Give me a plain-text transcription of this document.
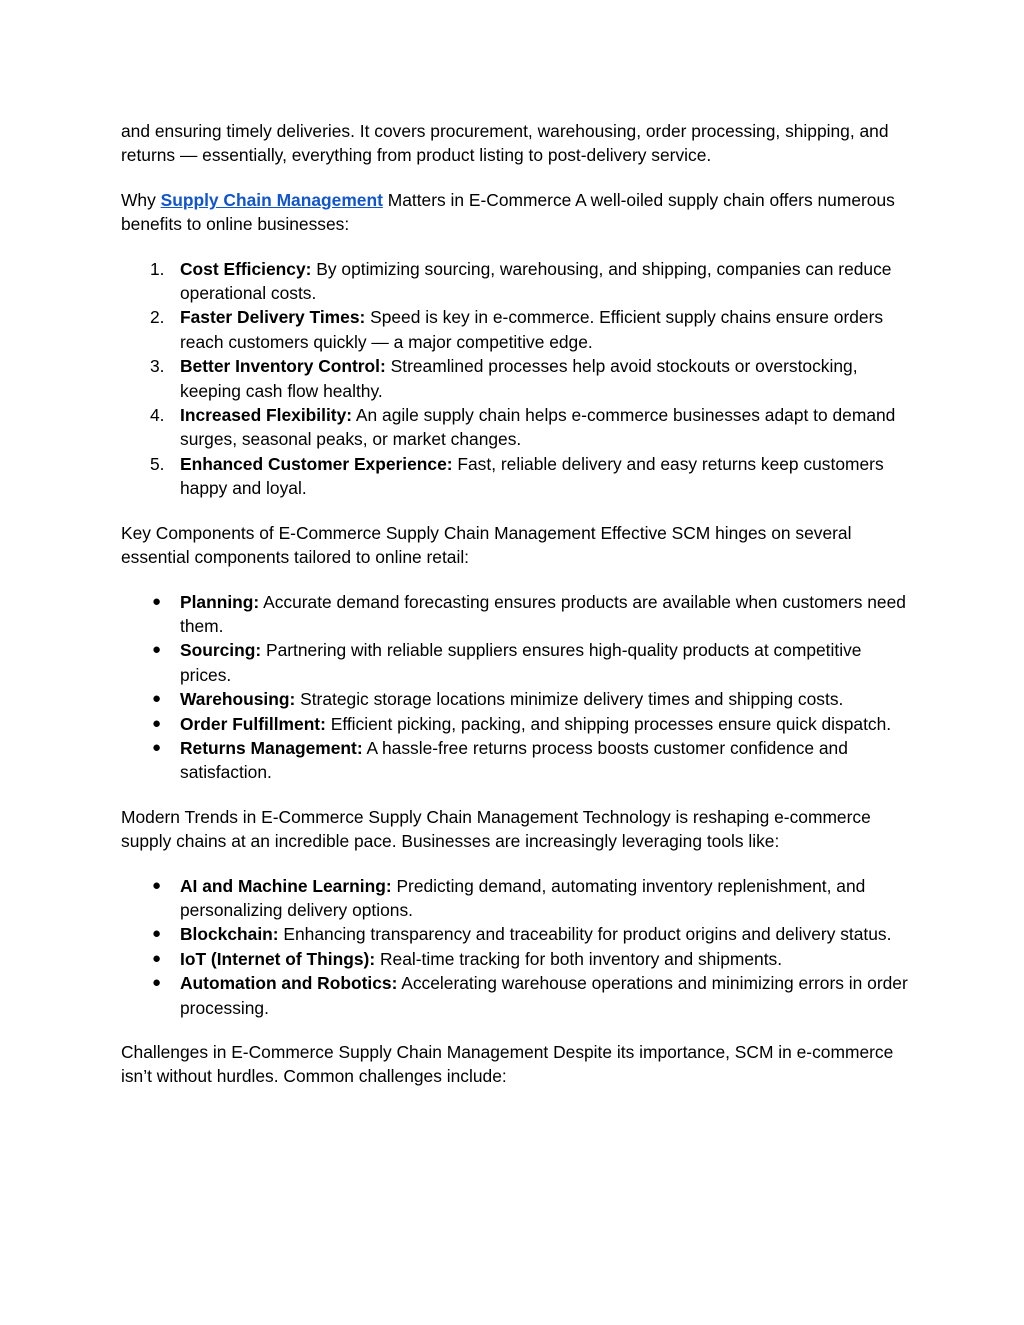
and ensuring timely deliveries. It covers procurement, warehousing, order processing, shipping, and returns — essentially, everything from product listing to post-delivery service.

Why Supply Chain Management Matters in E-Commerce A well-oiled supply chain offers numerous benefits to online businesses:

1. Cost Efficiency: By optimizing sourcing, warehousing, and shipping, companies can reduce operational costs.
2. Faster Delivery Times: Speed is key in e-commerce. Efficient supply chains ensure orders reach customers quickly — a major competitive edge.
3. Better Inventory Control: Streamlined processes help avoid stockouts or overstocking, keeping cash flow healthy.
4. Increased Flexibility: An agile supply chain helps e-commerce businesses adapt to demand surges, seasonal peaks, or market changes.
5. Enhanced Customer Experience: Fast, reliable delivery and easy returns keep customers happy and loyal.

Key Components of E-Commerce Supply Chain Management Effective SCM hinges on several essential components tailored to online retail:

● Planning: Accurate demand forecasting ensures products are available when customers need them.
● Sourcing: Partnering with reliable suppliers ensures high-quality products at competitive prices.
● Warehousing: Strategic storage locations minimize delivery times and shipping costs.
● Order Fulfillment: Efficient picking, packing, and shipping processes ensure quick dispatch.
● Returns Management: A hassle-free returns process boosts customer confidence and satisfaction.

Modern Trends in E-Commerce Supply Chain Management Technology is reshaping e-commerce supply chains at an incredible pace. Businesses are increasingly leveraging tools like:

● AI and Machine Learning: Predicting demand, automating inventory replenishment, and personalizing delivery options.
● Blockchain: Enhancing transparency and traceability for product origins and delivery status.
● IoT (Internet of Things): Real-time tracking for both inventory and shipments.
● Automation and Robotics: Accelerating warehouse operations and minimizing errors in order processing.

Challenges in E-Commerce Supply Chain Management Despite its importance, SCM in e-commerce isn’t without hurdles. Common challenges include:
